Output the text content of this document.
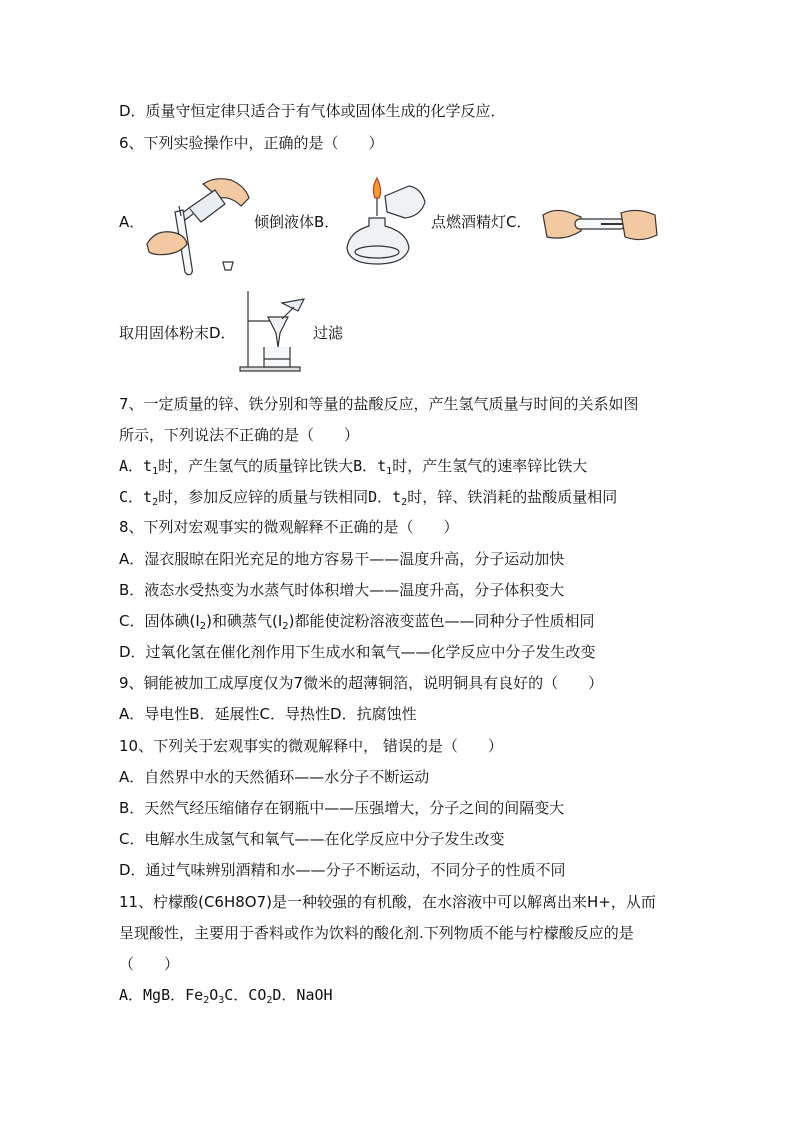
D．质量守恒定律只适合于有气体或固体生成的化学反应．
6、下列实验操作中，正确的是（　　）
A．	倾倒液体B．	点燃酒精灯C．
取用固体粉末D．	过滤
7、一定质量的锌、铁分别和等量的盐酸反应，产生氢气质量与时间的关系如图
所示，下列说法不正确的是（　　）
A．$t_1$时，产生氢气的质量锌比铁大B．$t_1$时，产生氢气的速率锌比铁大
C．$t_2$时，参加反应锌的质量与铁相同D．$t_2$时，锌、铁消耗的盐酸质量相同
8、下列对宏观事实的微观解释不正确的是（　　）
A．湿衣服晾在阳光充足的地方容易干——温度升高，分子运动加快
B．液态水受热变为水蒸气时体积增大——温度升高，分子体积变大
C．固体碘$(I_2)$和碘蒸气$(I_2)$都能使淀粉溶液变蓝色——同种分子性质相同
D．过氧化氢在催化剂作用下生成水和氧气——化学反应中分子发生改变
9、铜能被加工成厚度仅为7微米的超薄铜箔，说明铜具有良好的（　　）
A．导电性B．延展性C．导热性D．抗腐蚀性
10、下列关于宏观事实的微观解释中， 错误的是（　　）
A．自然界中水的天然循环——水分子不断运动
B．天然气经压缩储存在钢瓶中——压强增大，分子之间的间隔变大
C．电解水生成氢气和氧气——在化学反应中分子发生改变
D．通过气味辨别酒精和水——分子不断运动，不同分子的性质不同
11、柠檬酸(C6H8O7)是一种较强的有机酸，在水溶液中可以解离出来H+，从而
呈现酸性，主要用于香料或作为饮料的酸化剂.下列物质不能与柠檬酸反应的是
（　　）
A．MgB．$Fe_2O_3C$．$CO_2D$．NaOH
